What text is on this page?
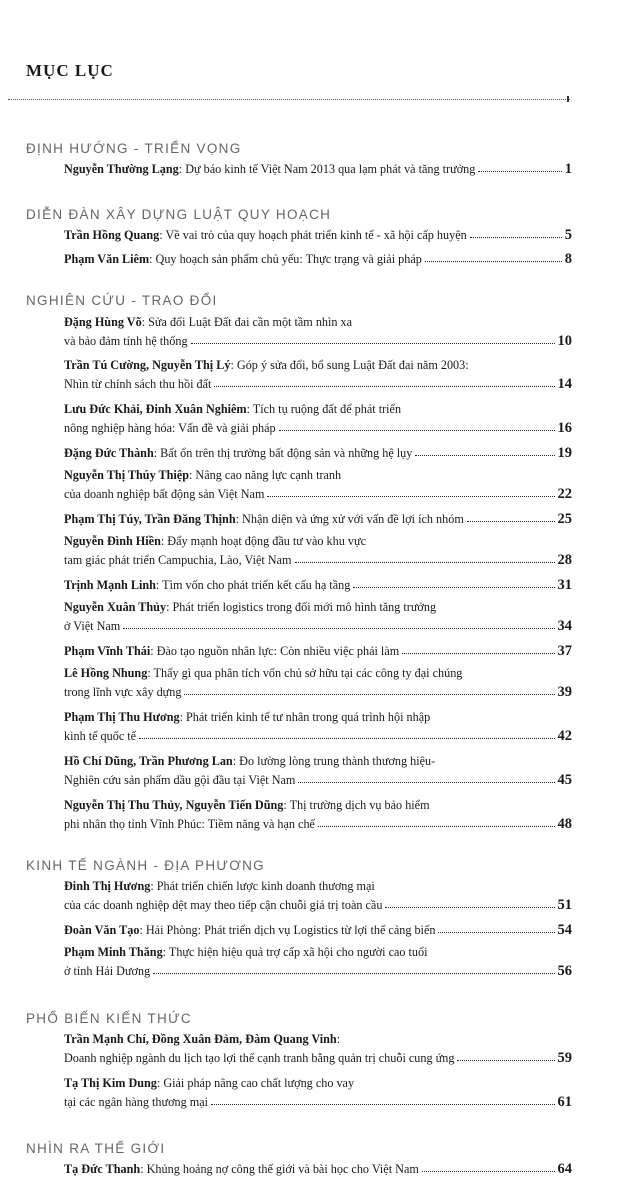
MỤC LỤC
ĐỊNH HƯỚNG - TRIỂN VỌNG
Nguyễn Thường Lạng : Dự báo kinh tế Việt Nam 2013 qua lạm phát và tăng trưởng	1
DIỄN ĐÀN XÂY DỰNG LUẬT QUY HOẠCH
Trần Hồng Quang : Về vai trò của quy hoạch phát triển kinh tế - xã hội cấp huyện	5
Phạm Văn Liêm : Quy hoạch sản phẩm chủ yếu: Thực trạng và giải pháp	8
NGHIÊN CỨU - TRAO ĐỔI
Đặng Hùng Võ : Sửa đổi Luật Đất đai cần một tầm nhìn xa
và bảo đảm tính hệ thống	10
Trần Tú Cường, Nguyễn Thị Lý : Góp ý sửa đổi, bổ sung Luật Đất đai năm 2003:
Nhìn từ chính sách thu hồi đất	14
Lưu Đức Khải, Đinh Xuân Nghiêm : Tích tụ ruộng đất để phát triển
nông nghiệp hàng hóa: Vấn đề và giải pháp	16
Đặng Đức Thành : Bất ổn trên thị trường bất động sản và những hệ lụy	19
Nguyễn Thị Thúy Thiệp : Nâng cao năng lực cạnh tranh
của doanh nghiệp bất động sản Việt Nam	22
Phạm Thị Túy, Trần Đăng Thịnh : Nhận diện và ứng xử với vấn đề lợi ích nhóm	25
Nguyễn Đình Hiền : Đẩy mạnh hoạt động đầu tư vào khu vực
tam giác phát triển Campuchia, Lào, Việt Nam	28
Trịnh Mạnh Linh : Tìm vốn cho phát triển kết cấu hạ tầng	31
Nguyễn Xuân Thủy : Phát triển logistics trong đổi mới mô hình tăng trưởng
ở Việt Nam	34
Phạm Vĩnh Thái : Đào tạo nguồn nhân lực: Còn nhiều việc phải làm	37
Lê Hồng Nhung : Thấy gì qua phân tích vốn chủ sở hữu tại các công ty đại chúng
trong lĩnh vực xây dựng	39
Phạm Thị Thu Hương : Phát triển kinh tế tư nhân trong quá trình hội nhập
kinh tế quốc tế	42
Hồ Chí Dũng, Trần Phương Lan : Đo lường lòng trung thành thương hiệu-
Nghiên cứu sản phẩm dầu gội đầu tại Việt Nam	45
Nguyễn Thị Thu Thủy, Nguyễn Tiến Dũng : Thị trường dịch vụ bảo hiểm
phi nhân thọ tỉnh Vĩnh Phúc: Tiềm năng và hạn chế	48
KINH TẾ NGÀNH - ĐỊA PHƯƠNG
Đinh Thị Hương : Phát triển chiến lược kinh doanh thương mại
của các doanh nghiệp dệt may theo tiếp cận chuỗi giá trị toàn cầu	51
Đoàn Văn Tạo : Hải Phòng: Phát triển dịch vụ Logistics từ lợi thế cảng biển	54
Phạm Minh Thăng : Thực hiện hiệu quả trợ cấp xã hội cho người cao tuổi
ở tỉnh Hải Dương	56
PHỔ BIẾN KIẾN THỨC
Trần Mạnh Chí, Đồng Xuân Đảm, Đàm Quang Vinh :
Doanh nghiệp ngành du lịch tạo lợi thế cạnh tranh bằng quản trị chuỗi cung ứng	59
Tạ Thị Kim Dung : Giải pháp nâng cao chất lượng cho vay
tại các ngân hàng thương mại	61
NHÌN RA THẾ GIỚI
Tạ Đức Thanh : Khủng hoảng nợ công thế giới và bài học cho Việt Nam	64
